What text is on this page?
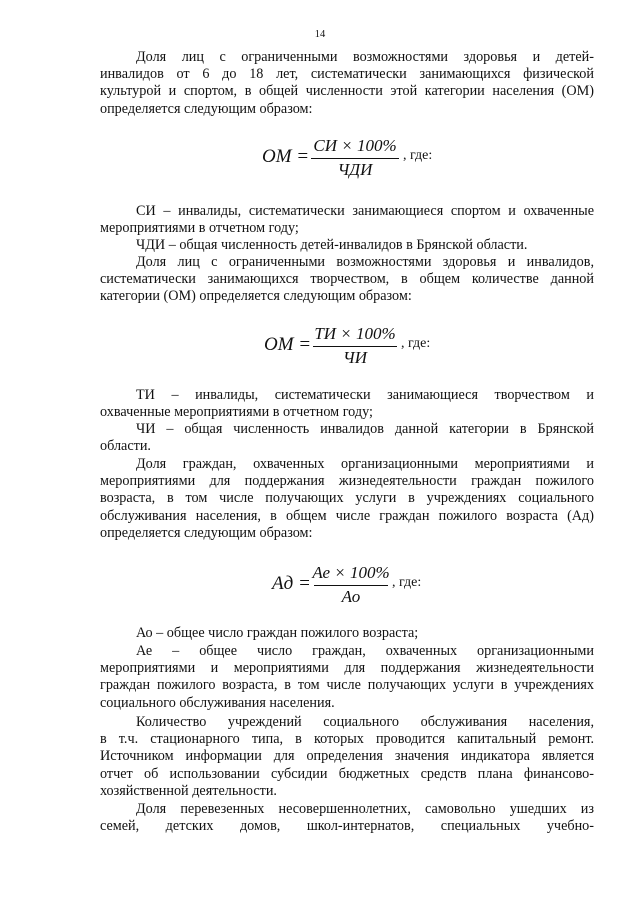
14
Доля лиц с ограниченными возможностями здоровья и детей-
инвалидов от 6 до 18 лет, систематически занимающихся физической
культурой и спортом, в общей численности этой категории населения (ОМ)
определяется следующим образом:
ОМ =
СИ × 100%
ЧДИ
, где:
СИ – инвалиды, систематически занимающиеся спортом и охваченные
мероприятиями в отчетном году;
ЧДИ – общая численность детей-инвалидов в Брянской области.
Доля лиц с ограниченными возможностями здоровья и инвалидов,
систематически занимающихся творчеством, в общем количестве данной
категории (ОМ) определяется следующим образом:
ОМ =
ТИ × 100%
ЧИ
, где:
ТИ – инвалиды, систематически занимающиеся творчеством и
охваченные мероприятиями в отчетном году;
ЧИ – общая численность инвалидов данной категории в Брянской
области.
Доля граждан, охваченных организационными мероприятиями и
мероприятиями для поддержания жизнедеятельности граждан пожилого
возраста, в том числе получающих услуги в учреждениях социального
обслуживания населения, в общем числе граждан пожилого возраста (Ад)
определяется следующим образом:
Ад =
Ае × 100%
Ао
, где:
Ао – общее число граждан пожилого возраста;
Ае – общее число граждан, охваченных организационными
мероприятиями и мероприятиями для поддержания жизнедеятельности
граждан пожилого возраста, в том числе получающих услуги в учреждениях
социального обслуживания населения.
Количество учреждений социального обслуживания населения,
в т.ч. стационарного типа, в которых проводится капитальный ремонт.
Источником информации для определения значения индикатора является
отчет об использовании субсидии бюджетных средств плана финансово-
хозяйственной деятельности.
Доля перевезенных несовершеннолетних, самовольно ушедших из
семей, детских домов, школ-интернатов, специальных учебно-
